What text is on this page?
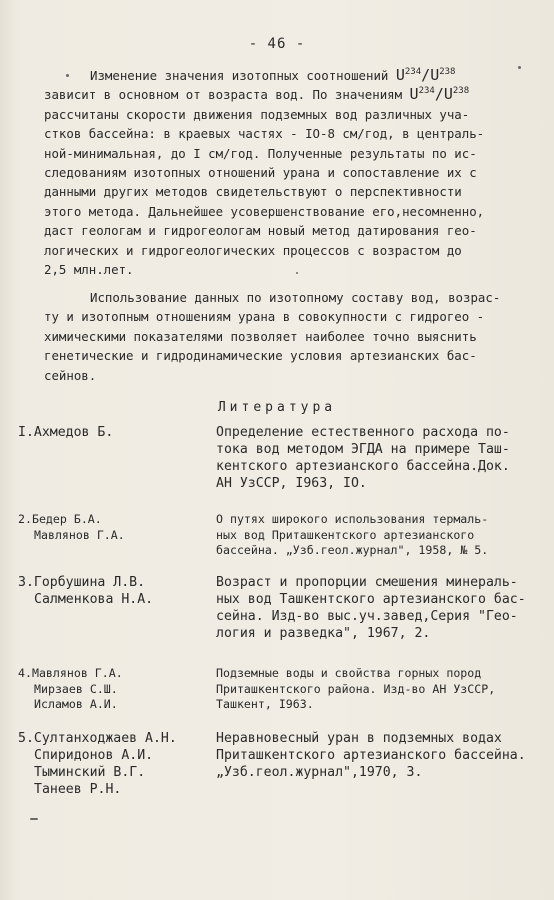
- 46 -
Изменение значения изотопных соотношений $U^{234}/U^{238}$
зависит в основном от возраста вод. По значениям $U^{234}/U^{238}$
рассчитаны скорости движения подземных вод различных уча-
стков бассейна: в краевых частях - IO-8 см/год, в централь-
ной-минимальная, до I см/год. Полученные результаты по ис-
следованиям изотопных отношений урана и сопоставление их с
данными других методов свидетельствуют о перспективности
этого метода. Дальнейшее усовершенствование его,несомненно,
даст геологам и гидрогеологам новый метод датирования гео-
логических и гидрогеологических процессов с возрастом до
2,5 млн.лет.
Использование данных по изотопному составу вод, возрас-
ту и изотопным отношениям урана в совокупности с гидрогео -
химическими показателями позволяет наиболее точно выяснить
генетические и гидродинамические условия артезианских бас-
сейнов.
Литература
I.Ахмедов Б.	Определение естественного расхода по-
тока вод методом ЭГДА на примере Таш-
кентского артезианского бассейна.Док.
АН УзССР, I963, IO.
2.Бедер Б.А.
Мавлянов Г.А.
О путях широкого использования термаль-
ных вод Приташкентского артезианского
бассейна. „Узб.геол.журнал", 1958, № 5.
3.Горбушина Л.В.
Салменкова Н.А.
Возраст и пропорции смешения минераль-
ных вод Ташкентского артезианского бас-
сейна. Изд-во выс.уч.завед,Серия "Гео-
логия и разведка", 1967, 2.
4.Мавлянов Г.А.
Мирзаев С.Ш.
Исламов А.И.
Подземные воды и свойства горных пород
Приташкентского района. Изд-во АН УзССР,
Ташкент, I963.
5.Султанходжаев А.Н.
Спиридонов А.И.
Тыминский В.Г.
Танеев Р.Н.
Неравновесный уран в подземных водах
Приташкентского артезианского бассейна.
„Узб.геол.журнал",1970, 3.
